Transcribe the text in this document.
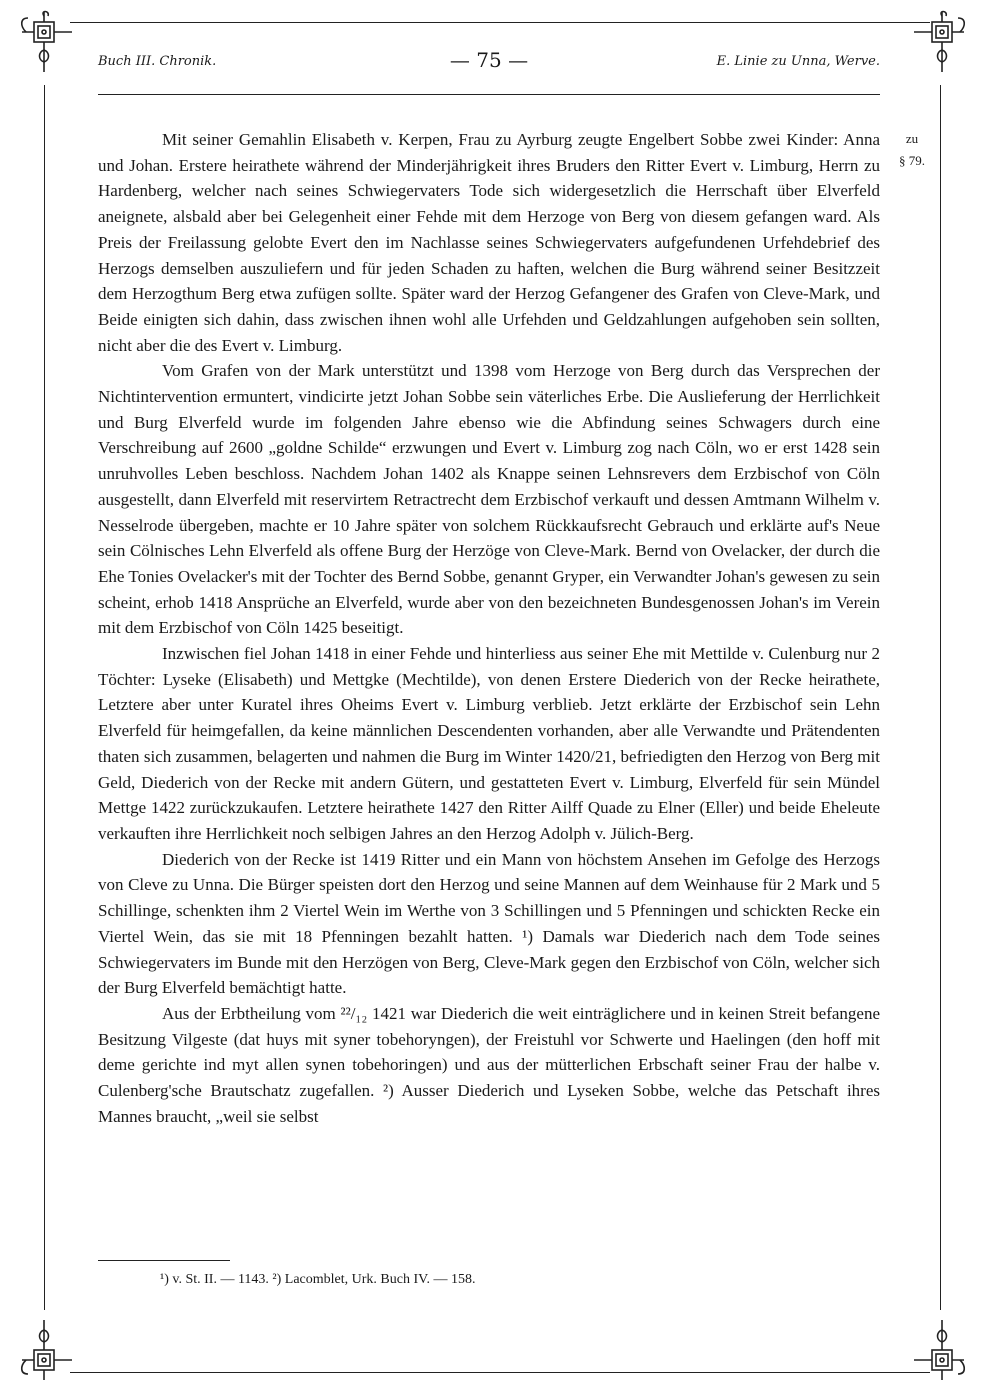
Buch III. Chronik.	— 75 —	E. Linie zu Unna, Werve.
zu
§ 79.

Mit seiner Gemahlin Elisabeth v. Kerpen, Frau zu Ayrburg zeugte Engelbert Sobbe zwei Kinder: Anna und Johan. Erstere heirathete während der Minderjährigkeit ihres Bruders den Ritter Evert v. Limburg, Herrn zu Hardenberg, welcher nach seines Schwiegervaters Tode sich widergesetzlich die Herrschaft über Elverfeld aneignete, alsbald aber bei Gelegenheit einer Fehde mit dem Herzoge von Berg von diesem gefangen ward. Als Preis der Freilassung gelobte Evert den im Nachlasse seines Schwiegervaters aufgefundenen Urfehdebrief des Herzogs demselben auszuliefern und für jeden Schaden zu haften, welchen die Burg während seiner Besitzzeit dem Herzogthum Berg etwa zufügen sollte. Später ward der Herzog Gefangener des Grafen von Cleve-Mark, und Beide einigten sich dahin, dass zwischen ihnen wohl alle Urfehden und Geldzahlungen aufgehoben sein sollten, nicht aber die des Evert v. Limburg.

Vom Grafen von der Mark unterstützt und 1398 vom Herzoge von Berg durch das Versprechen der Nichtintervention ermuntert, vindicirte jetzt Johan Sobbe sein väterliches Erbe. Die Auslieferung der Herrlichkeit und Burg Elverfeld wurde im folgenden Jahre ebenso wie die Abfindung seines Schwagers durch eine Verschreibung auf 2600 „goldne Schilde“ erzwungen und Evert v. Limburg zog nach Cöln, wo er erst 1428 sein unruhvolles Leben beschloss. Nachdem Johan 1402 als Knappe seinen Lehnsrevers dem Erzbischof von Cöln ausgestellt, dann Elverfeld mit reservirtem Retractrecht dem Erzbischof verkauft und dessen Amtmann Wilhelm v. Nesselrode übergeben, machte er 10 Jahre später von solchem Rückkaufsrecht Gebrauch und erklärte auf's Neue sein Cölnisches Lehn Elverfeld als offene Burg der Herzöge von Cleve-Mark. Bernd von Ovelacker, der durch die Ehe Tonies Ovelacker's mit der Tochter des Bernd Sobbe, genannt Gryper, ein Verwandter Johan's gewesen zu sein scheint, erhob 1418 Ansprüche an Elverfeld, wurde aber von den bezeichneten Bundesgenossen Johan's im Verein mit dem Erzbischof von Cöln 1425 beseitigt.

Inzwischen fiel Johan 1418 in einer Fehde und hinterliess aus seiner Ehe mit Mettilde v. Culenburg nur 2 Töchter: Lyseke (Elisabeth) und Mettgke (Mechtilde), von denen Erstere Diederich von der Recke heirathete, Letztere aber unter Kuratel ihres Oheims Evert v. Limburg verblieb. Jetzt erklärte der Erzbischof sein Lehn Elverfeld für heimgefallen, da keine männlichen Descendenten vorhanden, aber alle Verwandte und Prätendenten thaten sich zusammen, belagerten und nahmen die Burg im Winter 1420/21, befriedigten den Herzog von Berg mit Geld, Diederich von der Recke mit andern Gütern, und gestatteten Evert v. Limburg, Elverfeld für sein Mündel Mettge 1422 zurückzukaufen. Letztere heirathete 1427 den Ritter Ailff Quade zu Elner (Eller) und beide Eheleute verkauften ihre Herrlichkeit noch selbigen Jahres an den Herzog Adolph v. Jülich-Berg.

Diederich von der Recke ist 1419 Ritter und ein Mann von höchstem Ansehen im Gefolge des Herzogs von Cleve zu Unna. Die Bürger speisten dort den Herzog und seine Mannen auf dem Weinhause für 2 Mark und 5 Schillinge, schenkten ihm 2 Viertel Wein im Werthe von 3 Schillingen und 5 Pfenningen und schickten Recke ein Viertel Wein, das sie mit 18 Pfenningen bezahlt hatten. ¹) Damals war Diederich nach dem Tode seines Schwiegervaters im Bunde mit den Herzögen von Berg, Cleve-Mark gegen den Erzbischof von Cöln, welcher sich der Burg Elverfeld bemächtigt hatte.

Aus der Erbtheilung vom ²²/₁₂ 1421 war Diederich die weit einträglichere und in keinen Streit befangene Besitzung Vilgeste (dat huys mit syner tobehoryngen), der Freistuhl vor Schwerte und Haelingen (den hoff mit deme gerichte ind myt allen synen tobehoringen) und aus der mütterlichen Erbschaft seiner Frau der halbe v. Culenberg'sche Brautschatz zugefallen. ²) Ausser Diederich und Lyseken Sobbe, welche das Petschaft ihres Mannes braucht, „weil sie selbst

¹) v. St. II. — 1143. ²) Lacomblet, Urk. Buch IV. — 158.
